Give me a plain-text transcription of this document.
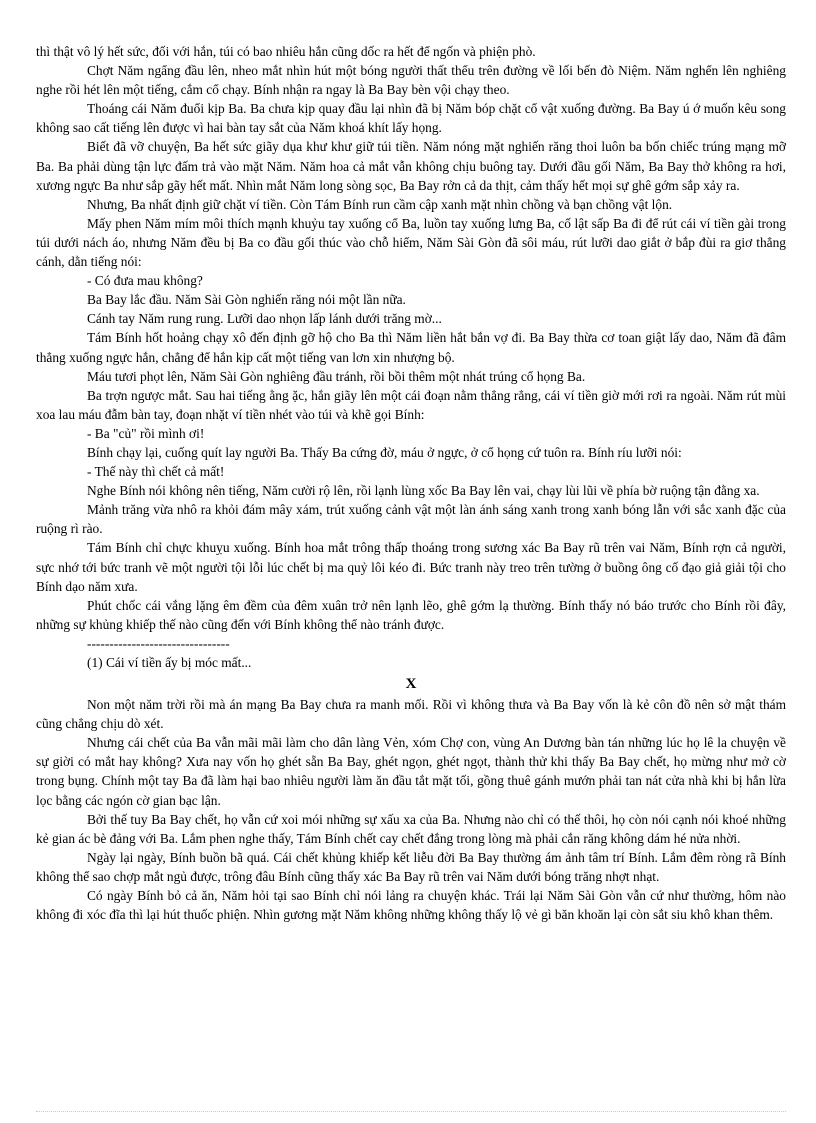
thì thật vô lý hết sức, đối với hắn, túi có bao nhiêu hắn cũng dốc ra hết để ngốn và phiện phò.

Chợt Năm ngẩng đầu lên, nheo mắt nhìn hút một bóng người thất thểu trên đường về lối bến đò Niệm. Năm nghển lên nghiêng nghe rồi hét lên một tiếng, cắm cổ chạy. Bính nhận ra ngay là Ba Bay bèn vội chạy theo.

Thoáng cái Năm đuổi kịp Ba. Ba chưa kịp quay đầu lại nhìn đã bị Năm bóp chặt cổ vật xuống đường. Ba Bay ú ớ muốn kêu song không sao cất tiếng lên được vì hai bàn tay sắt của Năm khoá khít lấy họng.

Biết đã vỡ chuyện, Ba hết sức giãy dụa khư khư giữ túi tiền. Năm nóng mặt nghiến răng thoi luôn ba bốn chiếc trúng mạng mỡ Ba. Ba phải dùng tận lực đấm trả vào mặt Năm. Năm hoa cả mắt vẫn không chịu buông tay. Dưới đầu gối Năm, Ba Bay thở không ra hơi, xương ngực Ba như sắp gãy hết mất. Nhìn mắt Năm long sòng sọc, Ba Bay rởn cả da thịt, cảm thấy hết mọi sự ghê gớm sắp xảy ra.

Nhưng, Ba nhất định giữ chặt ví tiền. Còn Tám Bính run cầm cập xanh mặt nhìn chồng và bạn chồng vật lộn.

Mấy phen Năm mím môi thích mạnh khuỷu tay xuống cổ Ba, luồn tay xuống lưng Ba, cố lật sấp Ba đi để rút cái ví tiền gài trong túi dưới nách áo, nhưng Năm đều bị Ba co đầu gối thúc vào chỗ hiểm, Năm Sài Gòn đã sôi máu, rút lưỡi dao giắt ở bắp đùi ra giơ thẳng cánh, dằn tiếng nói:

- Có đưa mau không?

Ba Bay lắc đầu. Năm Sài Gòn nghiến răng nói một lần nữa.

Cánh tay Năm rung rung. Lưỡi dao nhọn lấp lánh dưới trăng mờ...

Tám Bính hốt hoảng chạy xô đến định gỡ hộ cho Ba thì Năm liền hắt bắn vợ đi. Ba Bay thừa cơ toan giật lấy dao, Năm đã đâm thẳng xuống ngực hắn, chẳng để hắn kịp cất một tiếng van lơn xin nhượng bộ.

Máu tươi phọt lên, Năm Sài Gòn nghiêng đầu tránh, rồi bồi thêm một nhát trúng cổ họng Ba.

Ba trợn ngược mắt. Sau hai tiếng ằng ặc, hắn giãy lên một cái đoạn nằm thẳng rẳng, cái ví tiền giờ mới rơi ra ngoài. Năm rút mùi xoa lau máu đẫm bàn tay, đoạn nhặt ví tiền nhét vào túi và khẽ gọi Bính:

- Ba "củ" rồi mình ơi!

Bính chạy lại, cuống quít lay người Ba. Thấy Ba cứng đờ, máu ở ngực, ở cổ họng cứ tuôn ra. Bính ríu lưỡi nói:

- Thế này thì chết cả mất!

Nghe Bính nói không nên tiếng, Năm cười rộ lên, rồi lạnh lùng xốc Ba Bay lên vai, chạy lùi lũi về phía bờ ruộng tận đằng xa.

Mảnh trăng vừa nhô ra khỏi đám mây xám, trút xuống cảnh vật một làn ánh sáng xanh trong xanh bóng lẫn với sắc xanh đặc của ruộng rì rào.

Tám Bính chỉ chực khuỵu xuống. Bính hoa mắt trông thấp thoáng trong sương xác Ba Bay rũ trên vai Năm, Bính rợn cả người, sực nhớ tới bức tranh vẽ một người tội lỗi lúc chết bị ma quỷ lôi kéo đi. Bức tranh này treo trên tường ở buồng ông cố đạo giả giải tội cho Bính dạo năm xưa.

Phút chốc cái vắng lặng êm đềm của đêm xuân trở nên lạnh lẽo, ghê gớm lạ thường. Bính thấy nó báo trước cho Bính rồi đây, những sự khủng khiếp thế nào cũng đến với Bính không thể nào tránh được.

--------------------------------

(1) Cái ví tiền ấy bị móc mất...

X

Non một năm trời rồi mà án mạng Ba Bay chưa ra manh mối. Rồi vì không thưa và Ba Bay vốn là kẻ côn đồ nên sở mật thám cũng chẳng chịu dò xét.

Nhưng cái chết của Ba vẫn mãi mãi làm cho dân làng Vẻn, xóm Chợ con, vùng An Dương bàn tán những lúc họ lê la chuyện về sự giời có mắt hay không? Xưa nay vốn họ ghét sẵn Ba Bay, ghét ngọn, ghét ngọt, thành thử khi thấy Ba Bay chết, họ mừng như mở cờ trong bụng. Chính một tay Ba đã làm hại bao nhiêu người làm ăn đầu tắt mặt tối, gồng thuê gánh mướn phải tan nát cửa nhà khi bị hắn lừa lọc bằng các ngón cờ gian bạc lận.

Bởi thế tuy Ba Bay chết, họ vẫn cứ xoi mói những sự xấu xa của Ba. Nhưng nào chỉ có thế thôi, họ còn nói cạnh nói khoé những kẻ gian ác bè đảng với Ba. Lắm phen nghe thấy, Tám Bính chết cay chết đắng trong lòng mà phải cắn răng không dám hé nửa nhời.

Ngày lại ngày, Bính buồn bã quá. Cái chết khủng khiếp kết liễu đời Ba Bay thường ám ảnh tâm trí Bính. Lắm đêm ròng rã Bính không thể sao chợp mắt ngủ được, trông đâu Bính cũng thấy xác Ba Bay rũ trên vai Năm dưới bóng trăng nhợt nhạt.

Có ngày Bính bỏ cả ăn, Năm hỏi tại sao Bính chỉ nói lảng ra chuyện khác. Trái lại Năm Sài Gòn vẫn cứ như thường, hôm nào không đi xóc đĩa thì lại hút thuốc phiện. Nhìn gương mặt Năm không những không thấy lộ vẻ gì băn khoăn lại còn sắt siu khô khan thêm.
